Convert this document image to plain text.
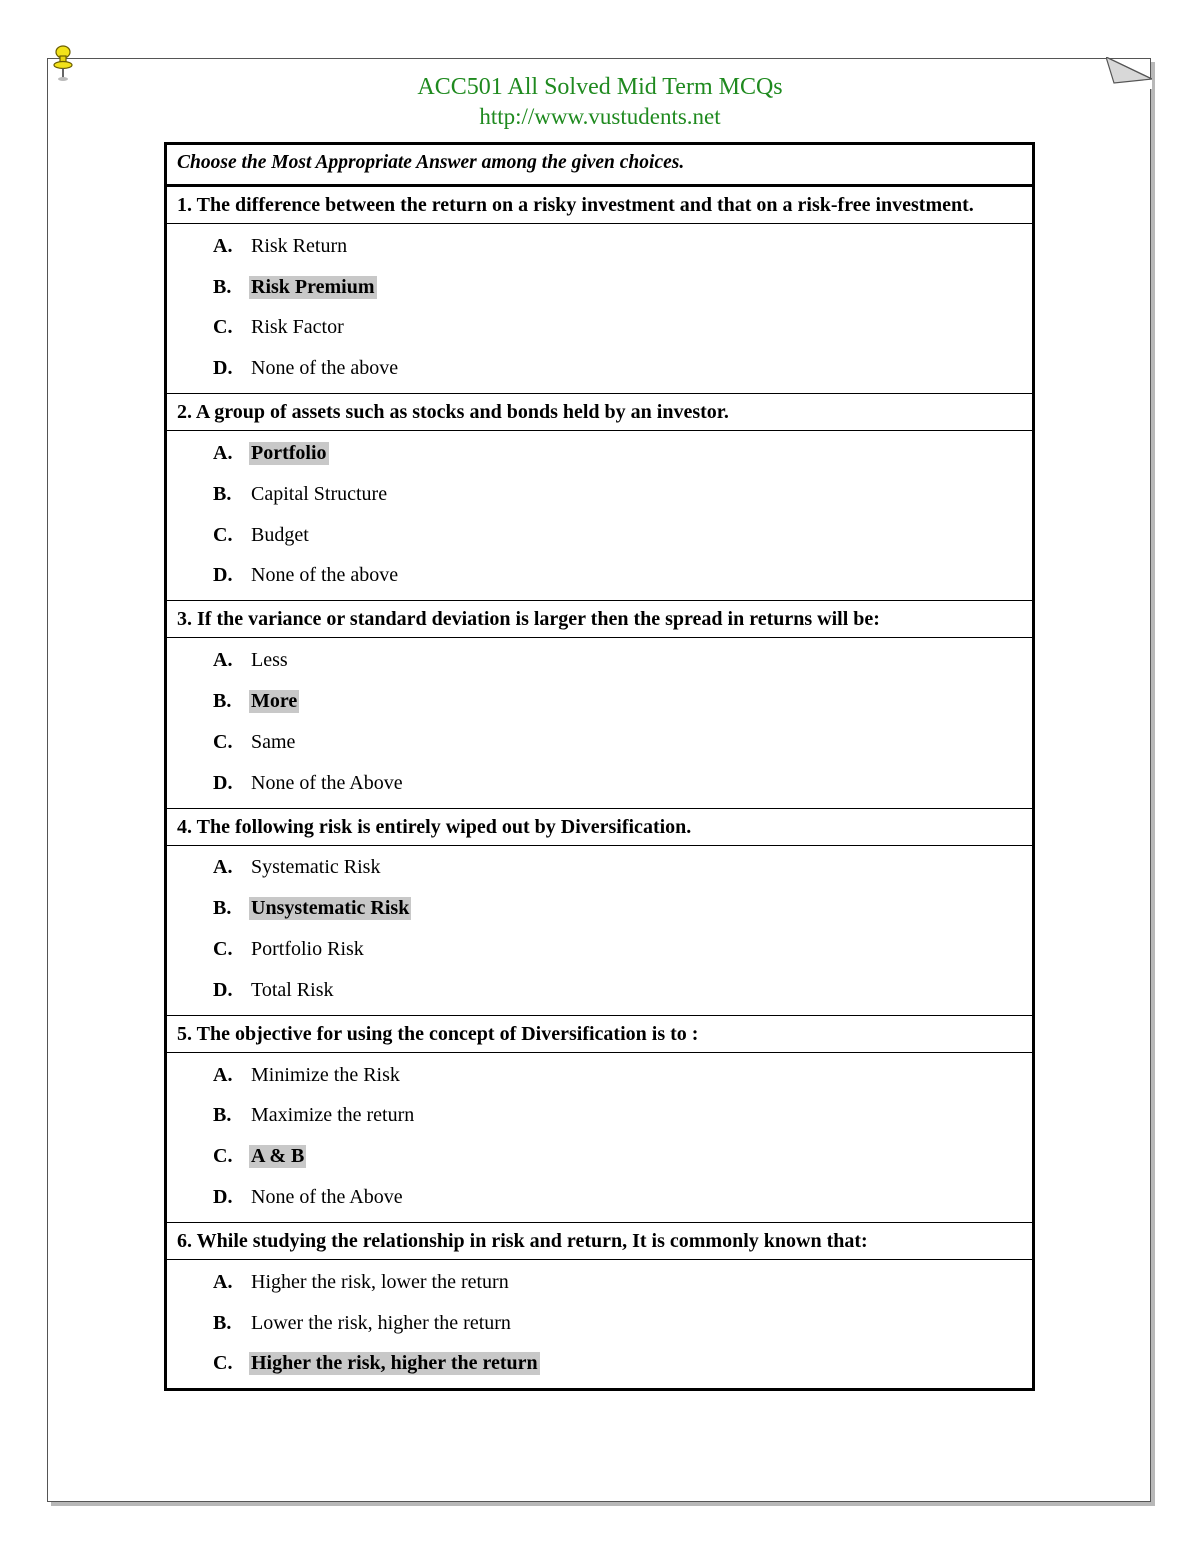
ACC501 All Solved Mid Term MCQs
http://www.vustudents.net
Choose the Most Appropriate Answer among the given choices.
1. The difference between the return on a risky investment and that on a risk-free investment.

A. Risk Return
B. Risk Premium
C. Risk Factor
D. None of the above

2. A group of assets such as stocks and bonds held by an investor.

A. Portfolio
B. Capital Structure
C. Budget
D. None of the above

3. If the variance or standard deviation is larger then the spread in returns will be:

A. Less
B. More
C. Same
D. None of the Above

4. The following risk is entirely wiped out by Diversification.

A. Systematic Risk
B. Unsystematic Risk
C. Portfolio Risk
D. Total Risk

5. The objective for using the concept of Diversification is to :

A. Minimize the Risk
B. Maximize the return
C. A & B
D. None of the Above

6. While studying the relationship in risk and return, It is commonly known that:

A. Higher the risk, lower the return
B. Lower the risk, higher the return
C. Higher the risk, higher the return
